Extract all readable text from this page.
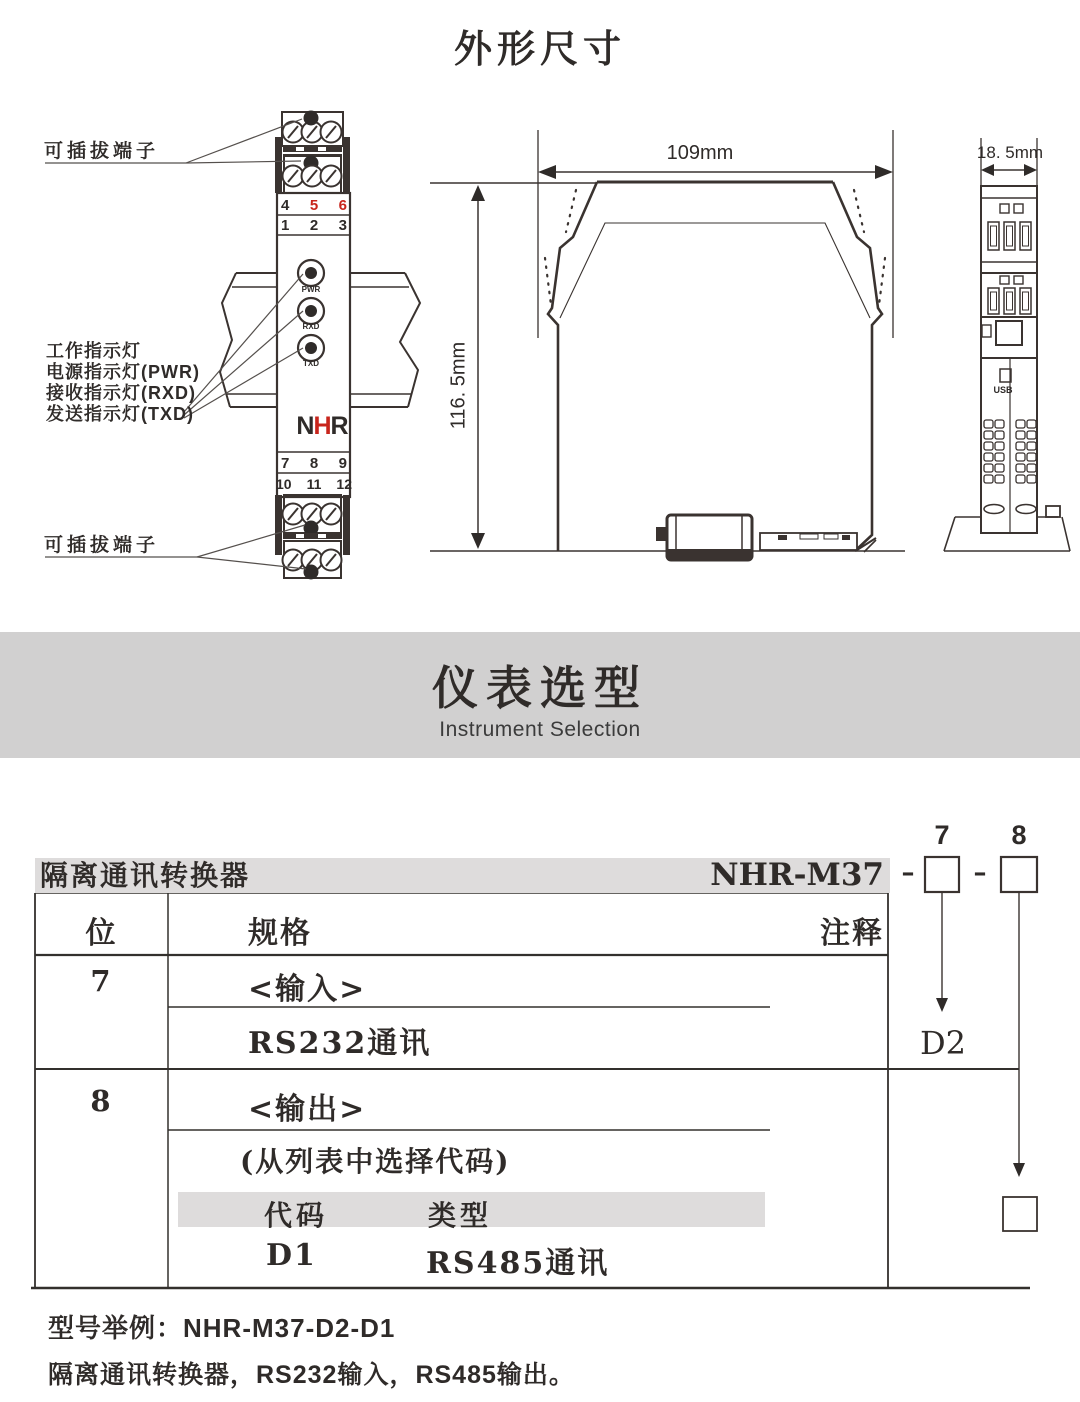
外形尺寸
可插拔端子
工作指示灯
电源指示灯(PWR)
接收指示灯(RXD)
发送指示灯(TXD)
可插拔端子
4 5 6
1 2 3
PWR
RXD
TXD
NHR
7 8 9
10 11 12
109mm
116. 5mm
18. 5mm
USB
仪表选型

Instrument Selection

隔离通讯转换器	NHR-M37 –	–
7	8
D2
位	规格	注释
7	<输入>
RS232通讯
8	<输出>
(从列表中选择代码)
代码	类型
D1	RS485通讯
型号举例：NHR-M37-D2-D1
隔离通讯转换器，RS232输入，RS485输出。
